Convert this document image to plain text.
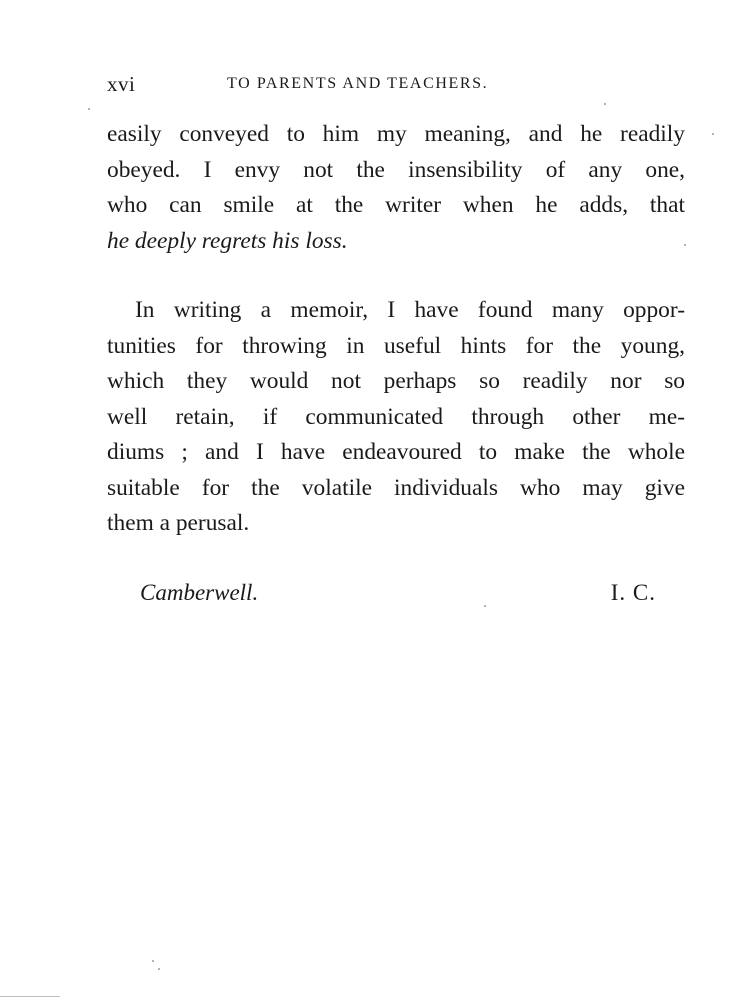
xvi	TO PARENTS AND TEACHERS.
easily conveyed to him my meaning, and he readily
obeyed. I envy not the insensibility of any one,
who can smile at the writer when he adds, that
he deeply regrets his loss.
In writing a memoir, I have found many oppor-
tunities for throwing in useful hints for the young,
which they would not perhaps so readily nor so
well retain, if communicated through other me-
diums ; and I have endeavoured to make the whole
suitable for the volatile individuals who may give
them a perusal.
Camberwell.	I. C.
